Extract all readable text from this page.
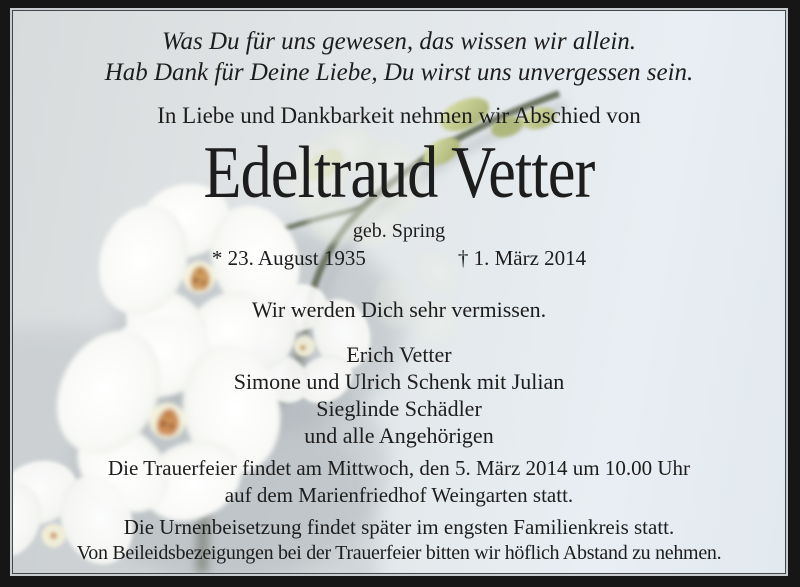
Was Du für uns gewesen, das wissen wir allein.
Hab Dank für Deine Liebe, Du wirst uns unvergessen sein.
In Liebe und Dankbarkeit nehmen wir Abschied von
Edeltraud Vetter
geb. Spring
* 23. August 1935	† 1. März 2014
Wir werden Dich sehr vermissen.
Erich Vetter
Simone und Ulrich Schenk mit Julian
Sieglinde Schädler
und alle Angehörigen
Die Trauerfeier findet am Mittwoch, den 5. März 2014 um 10.00 Uhr
auf dem Marienfriedhof Weingarten statt.
Die Urnenbeisetzung findet später im engsten Familienkreis statt.
Von Beileidsbezeigungen bei der Trauerfeier bitten wir höflich Abstand zu nehmen.
